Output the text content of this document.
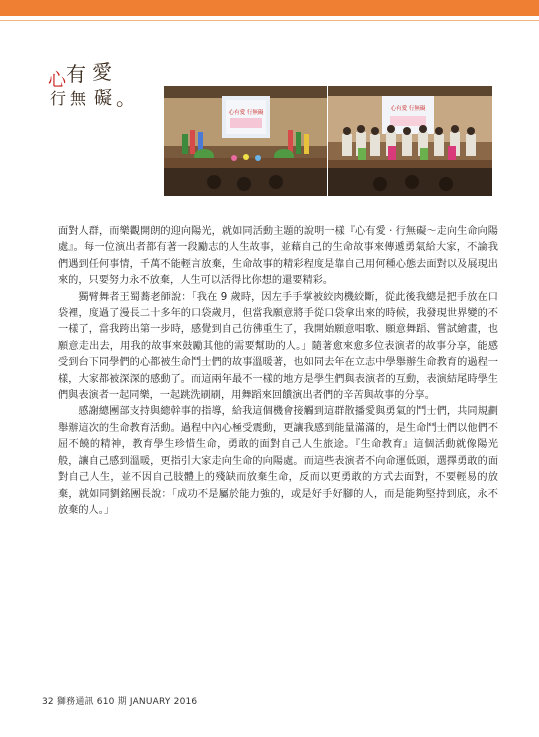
心 有 愛
行 無 礙 。
心有愛 行無礙
心有愛 行無礙

面對人群，而樂觀開朗的迎向陽光，就如同活動主題的說明一樣『心有愛 · 行無礙～走向生命向陽處』。每一位演出者都有著一段勵志的人生故事，並藉自己的生命故事來傳遞勇氣給大家，不論我們遇到任何事情，千萬不能輕言放棄，生命故事的精彩程度是靠自己用何種心態去面對以及展現出來的，只要努力永不放棄，人生可以活得比你想的還要精彩。

獨臂舞者王蜀蕎老師說：「我在 9 歲時，因左手手掌被絞肉機絞斷，從此後我總是把手放在口袋裡，度過了漫長二十多年的口袋歲月，但當我願意將手從口袋拿出來的時候，我發現世界變的不一樣了，當我跨出第一步時，感覺到自己彷彿重生了，我開始願意唱歌、願意舞蹈、嘗試繪畫，也願意走出去，用我的故事來鼓勵其他的需要幫助的人。」隨著愈來愈多位表演者的故事分享，能感受到台下同學們的心都被生命鬥士們的故事溫暖著，也如同去年在立志中學舉辦生命教育的過程一樣，大家都被深深的感動了。而這兩年最不一樣的地方是學生們與表演者的互動，表演結尾時學生們與表演者一起同樂，一起跳洗刷刷，用舞蹈來回饋演出者們的辛苦與故事的分享。

感謝總團部支持與總幹事的指導，給我這個機會接觸到這群散播愛與勇氣的鬥士們，共同規劃舉辦這次的生命教育活動。過程中內心極受震動，更讓我感到能量滿滿的，是生命鬥士們以他們不屈不饒的精神，教育學生珍惜生命，勇敢的面對自己人生旅途。『生命教育』這個活動就像陽光般，讓自己感到溫暖，更指引大家走向生命的向陽處。而這些表演者不向命運低頭，選擇勇敢的面對自己人生，並不因自己肢體上的殘缺而放棄生命，反而以更勇敢的方式去面對，不要輕易的放棄，就如同劉銘團長說：「成功不是屬於能力強的，或是好手好腳的人，而是能夠堅持到底，永不放棄的人。」

32 獅務通訊 610 期 JANUARY 2016
